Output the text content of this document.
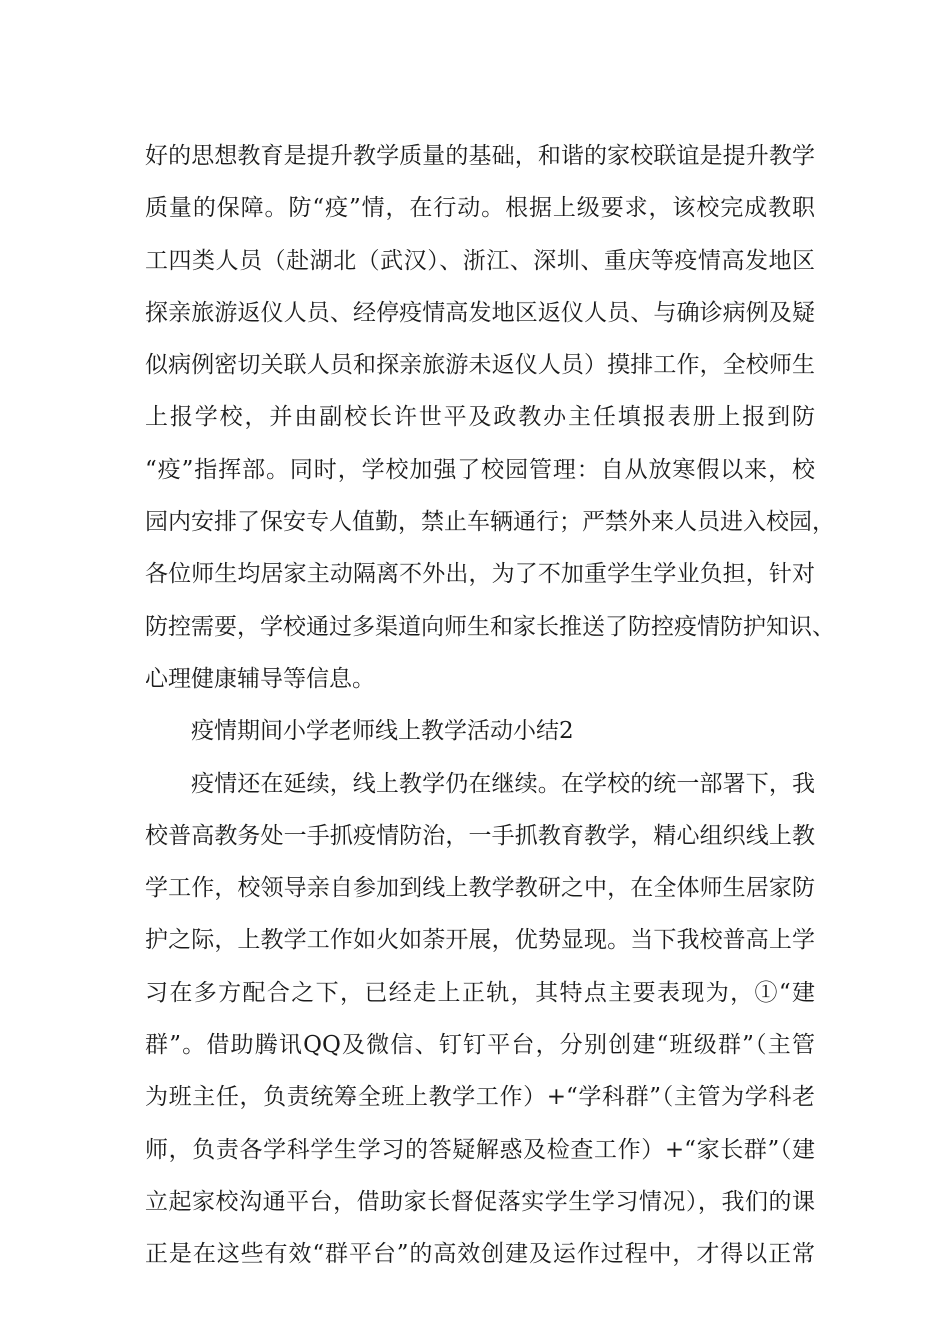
好的思想教育是提升教学质量的基础，和谐的家校联谊是提升教学
质量的保障。防“疫”情，在行动。根据上级要求，该校完成教职
工四类人员（赴湖北（武汉）、浙江、深圳、重庆等疫情高发地区
探亲旅游返仪人员、经停疫情高发地区返仪人员、与确诊病例及疑
似病例密切关联人员和探亲旅游未返仪人员）摸排工作，全校师生
上报学校，并由副校长许世平及政教办主任填报表册上报到防
“疫”指挥部。同时，学校加强了校园管理：自从放寒假以来，校
园内安排了保安专人值勤，禁止车辆通行；严禁外来人员进入校园，
各位师生均居家主动隔离不外出，为了不加重学生学业负担，针对
防控需要，学校通过多渠道向师生和家长推送了防控疫情防护知识、
心理健康辅导等信息。
疫情期间小学老师线上教学活动小结2
疫情还在延续，线上教学仍在继续。在学校的统一部署下，我
校普高教务处一手抓疫情防治，一手抓教育教学，精心组织线上教
学工作，校领导亲自参加到线上教学教研之中，在全体师生居家防
护之际，上教学工作如火如荼开展，优势显现。当下我校普高上学
习在多方配合之下，已经走上正轨，其特点主要表现为，①“建
群”。借助腾讯QQ及微信、钉钉平台，分别创建“班级群”（主管
为班主任，负责统筹全班上教学工作）+“学科群”（主管为学科老
师，负责各学科学生学习的答疑解惑及检查工作）+“家长群”（建
立起家校沟通平台，借助家长督促落实学生学习情况），我们的课
正是在这些有效“群平台”的高效创建及运作过程中，才得以正常
